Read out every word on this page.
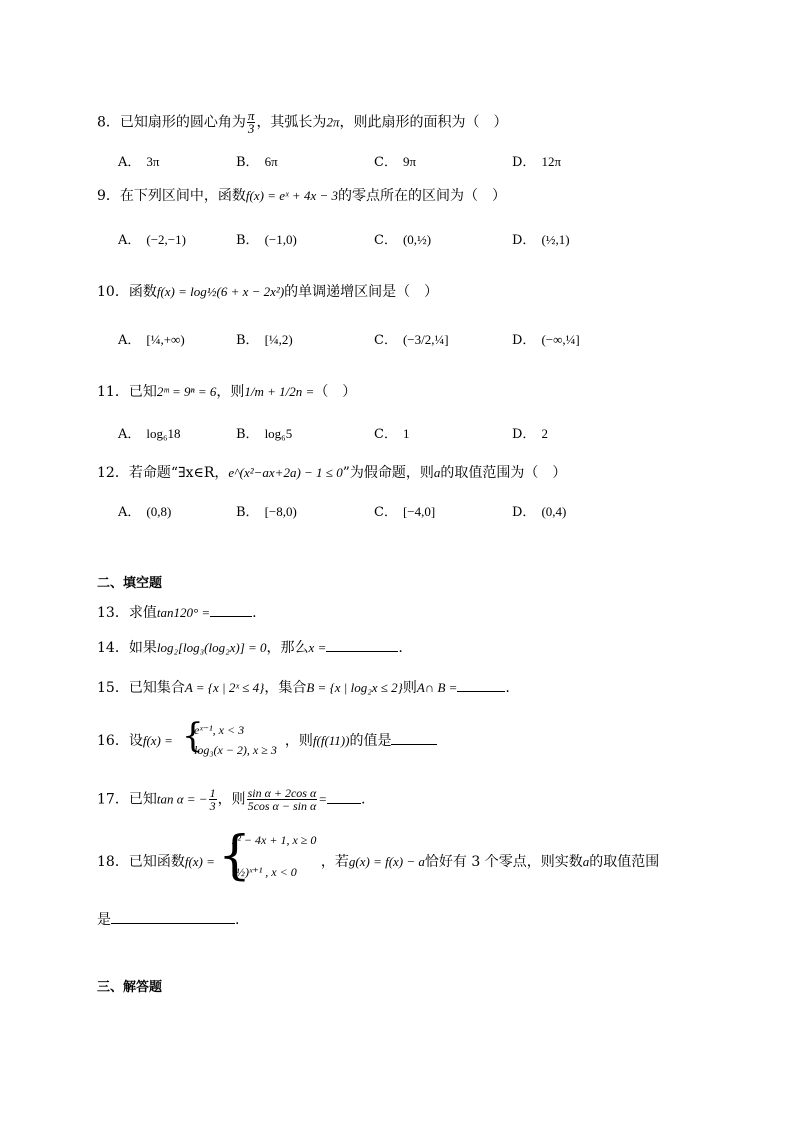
8．已知扇形的圆心角为 $\frac{\pi}{3}$ ，其弧长为2π，则此扇形的面积为（　）
A． 3π	B． 6π	C． 9π	D． 12π
9．在下列区间中，函数f(x) = eˣ + 4x − 3的零点所在的区间为（　）
A． (−2,−1)	B． (−1,0)	C． (0,½)	D． (½,1)
10．函数f(x) = log½(6 + x − 2x²)的单调递增区间是（　）
A． [¼,+∞)	B． [¼,2)	C． (−3/2,¼]	D． (−∞,¼]
11．已知2ᵐ = 9ⁿ = 6，则1/m + 1/2n =（　）
A． log₆18	B． log₆5	C． 1	D． 2
12．若命题“∃x∈R，e^(x²−ax+2a) − 1 ≤ 0”为假命题，则a的取值范围为（　）
A． (0,8)	B． [−8,0)	C． [−4,0]	D． (0,4)
二、填空题
13．求值tan120° =	.
14．如果log₂[log₃(log₂x)] = 0，那么x =	.
15．已知集合A = {x | 2ˣ ≤ 4}，集合B = {x | log₂x ≤ 2}则A∩ B =	.
16．设f(x) =	，则f(f(11))的值是
{
eˣ⁻¹, x < 3
log₃(x − 2), x ≥ 3
17．已知tan α = − $\frac{1}{3}$ ，则 $\frac{\text{sin α + 2cos α}}{\text{5cos α − sin α}}$ = .
18．已知函数f(x) =	，若g(x) = f(x) − a恰好有 3 个零点，则实数a的取值范围
{
x² − 4x + 1, x ≥ 0
(½)ˣ⁺¹ , x < 0
是	.
三、解答题
